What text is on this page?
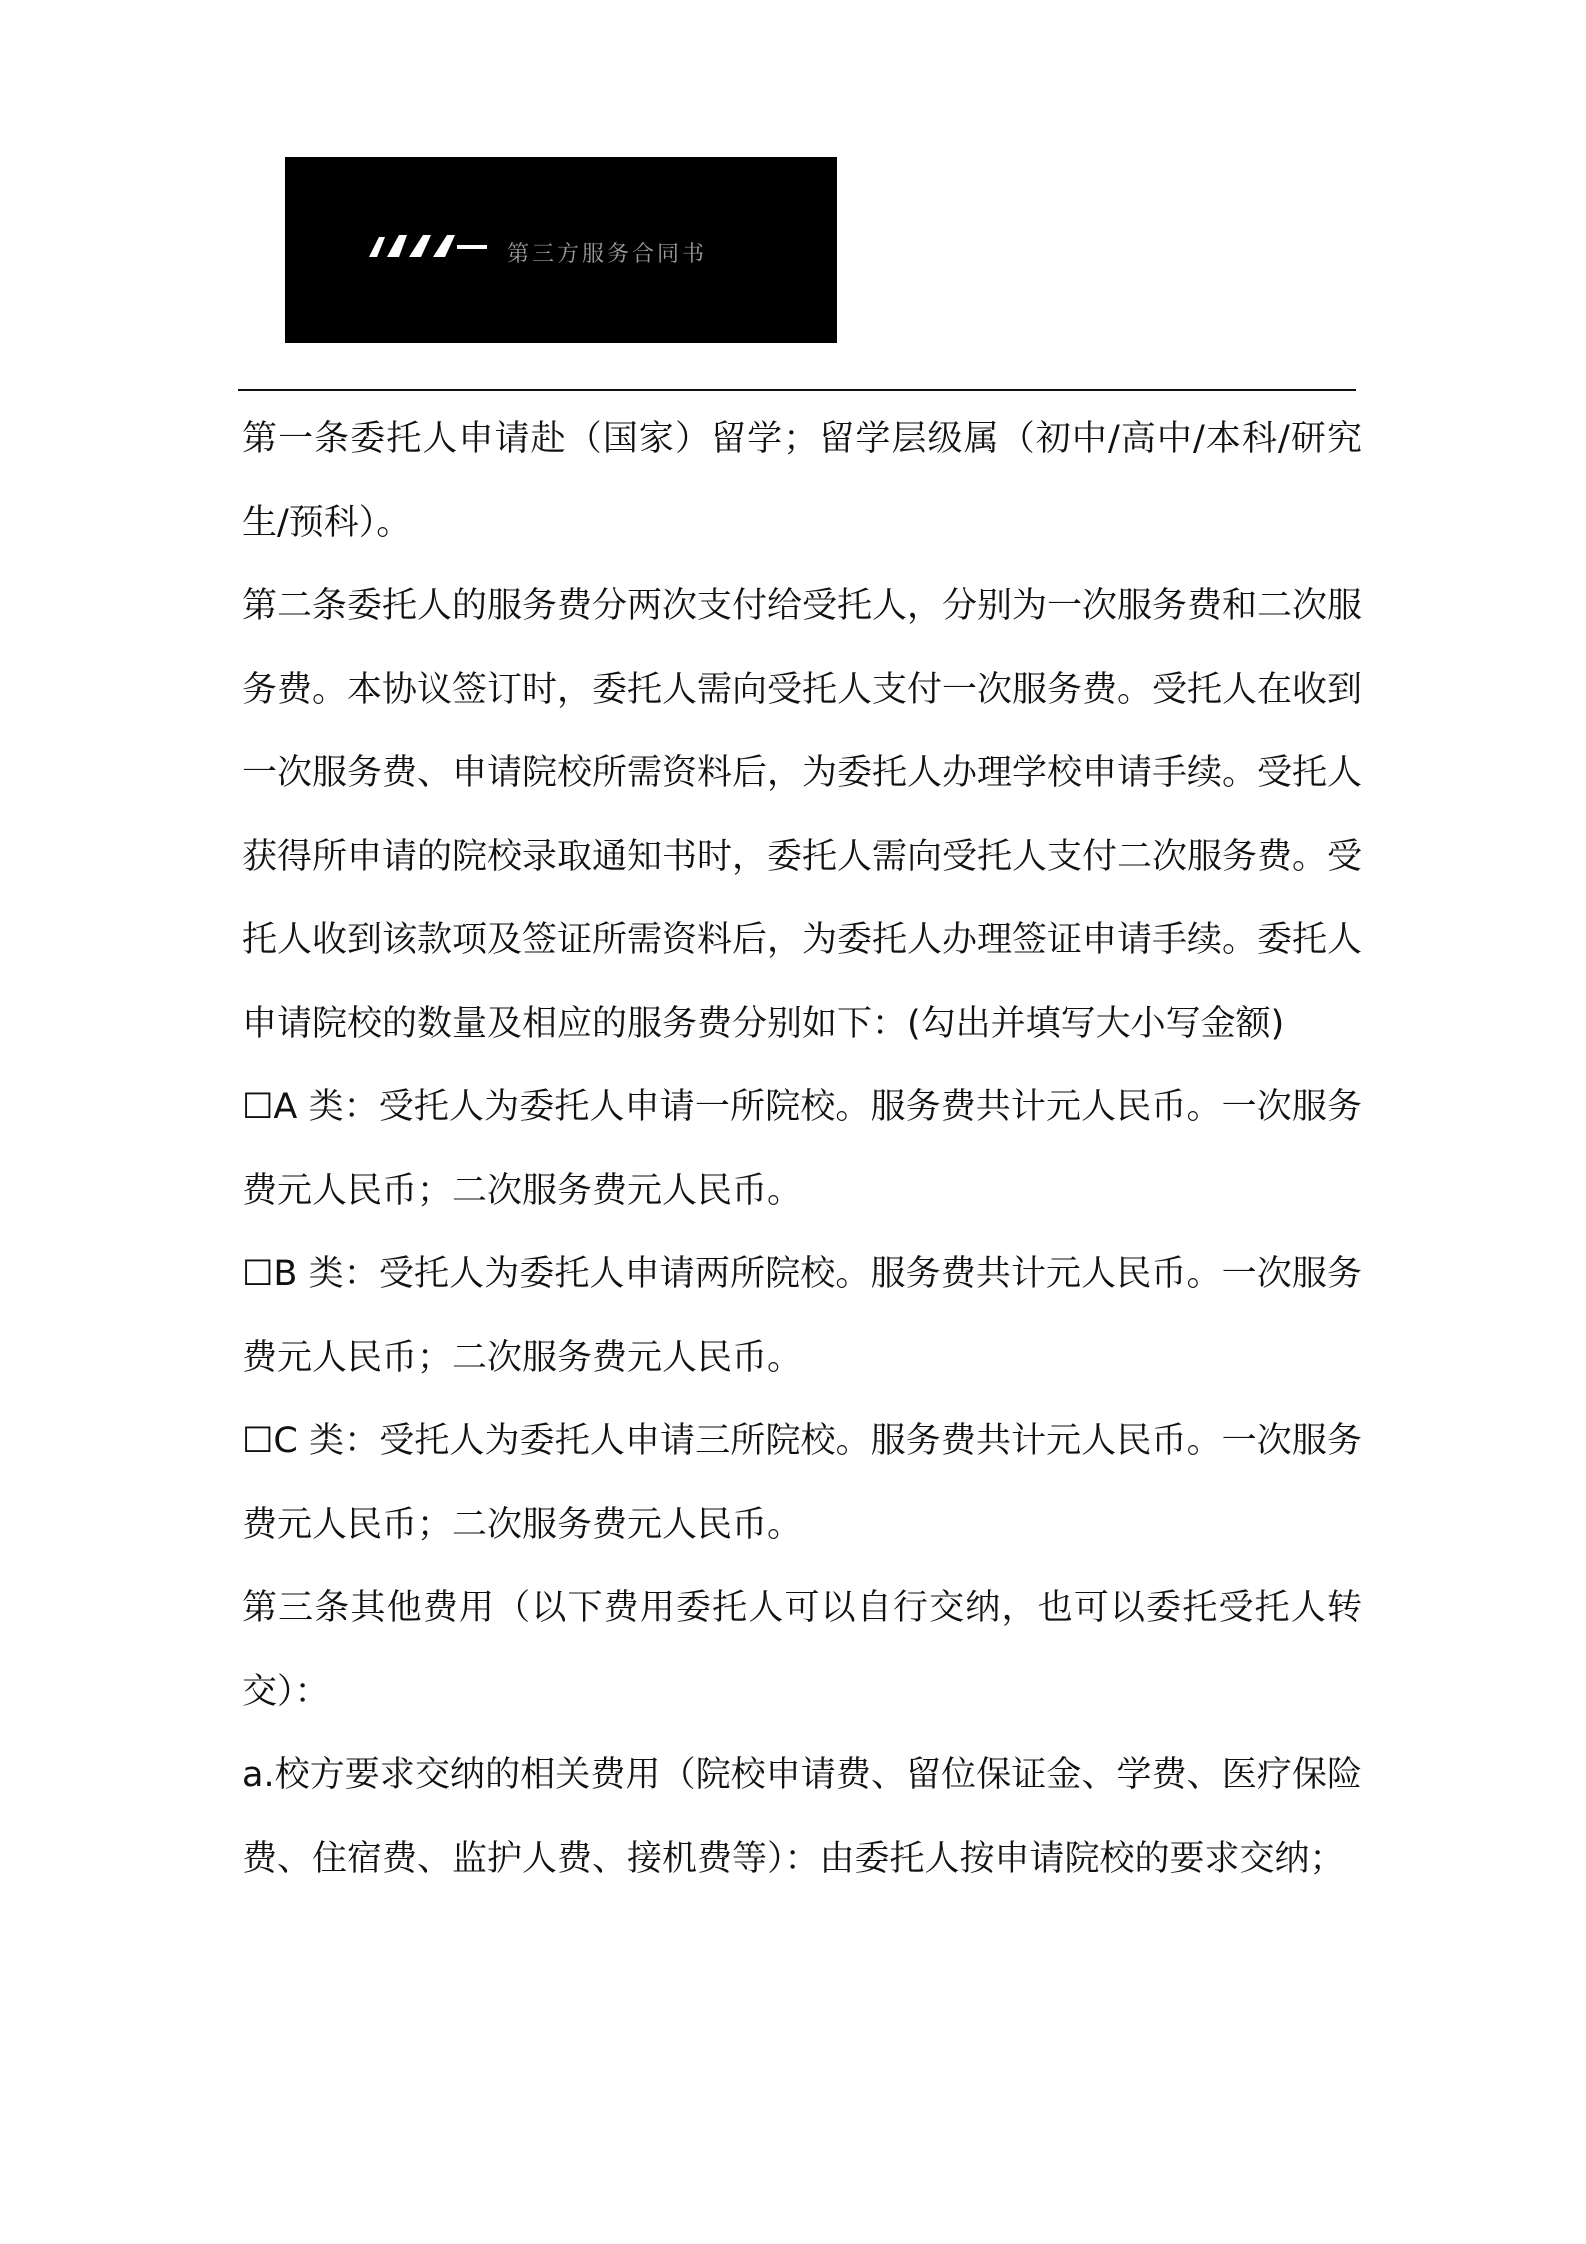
第三方服务合同书

第一条委托人申请赴（国家）留学；留学层级属（初中/高中/本科/研究生/预科）。

第二条委托人的服务费分两次支付给受托人，分别为一次服务费和二次服务费。本协议签订时，委托人需向受托人支付一次服务费。受托人在收到一次服务费、申请院校所需资料后，为委托人办理学校申请手续。受托人获得所申请的院校录取通知书时，委托人需向受托人支付二次服务费。受托人收到该款项及签证所需资料后，为委托人办理签证申请手续。委托人申请院校的数量及相应的服务费分别如下：(勾出并填写大小写金额)

☐A 类：受托人为委托人申请一所院校。服务费共计元人民币。一次服务费元人民币；二次服务费元人民币。

☐B 类：受托人为委托人申请两所院校。服务费共计元人民币。一次服务费元人民币；二次服务费元人民币。

☐C 类：受托人为委托人申请三所院校。服务费共计元人民币。一次服务费元人民币；二次服务费元人民币。

第三条其他费用（以下费用委托人可以自行交纳，也可以委托受托人转交）：

a.校方要求交纳的相关费用（院校申请费、留位保证金、学费、医疗保险费、住宿费、监护人费、接机费等）：由委托人按申请院校的要求交纳；
